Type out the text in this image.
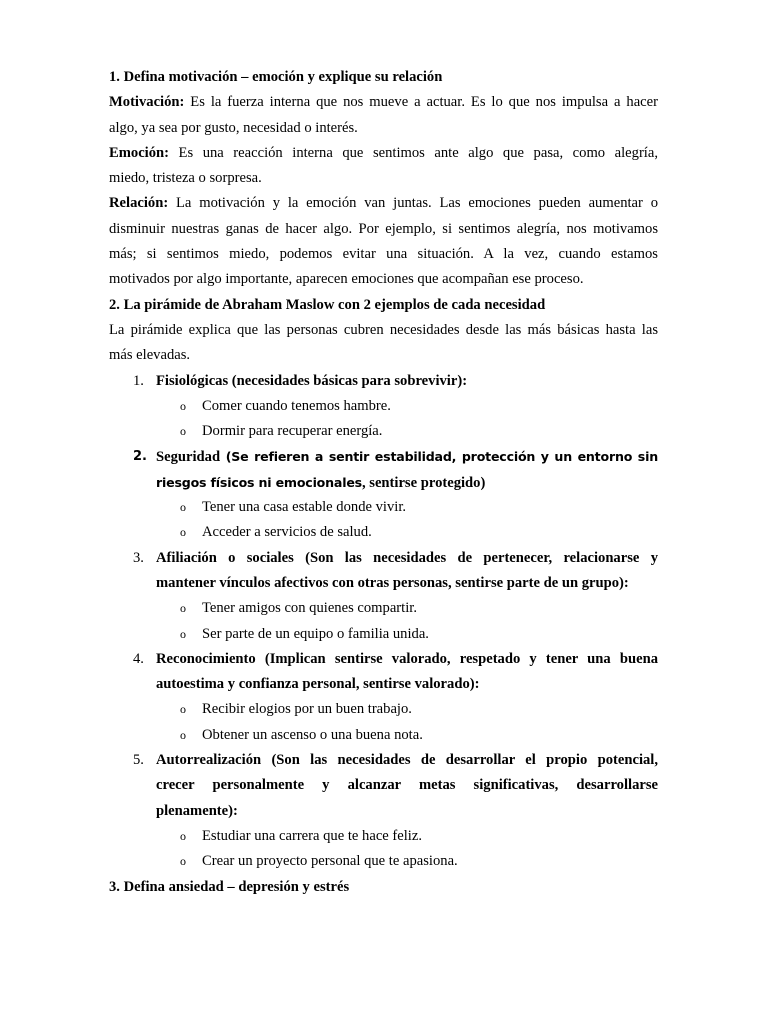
1. Defina motivación – emoción y explique su relación
Motivación: Es la fuerza interna que nos mueve a actuar. Es lo que nos impulsa a hacer
algo, ya sea por gusto, necesidad o interés.
Emoción: Es una reacción interna que sentimos ante algo que pasa, como alegría,
miedo, tristeza o sorpresa.
Relación: La motivación y la emoción van juntas. Las emociones pueden aumentar o
disminuir nuestras ganas de hacer algo. Por ejemplo, si sentimos alegría, nos motivamos
más; si sentimos miedo, podemos evitar una situación. A la vez, cuando estamos
motivados por algo importante, aparecen emociones que acompañan ese proceso.
2. La pirámide de Abraham Maslow con 2 ejemplos de cada necesidad
La pirámide explica que las personas cubren necesidades desde las más básicas hasta las
más elevadas.
1. Fisiológicas (necesidades básicas para sobrevivir):
o Comer cuando tenemos hambre.
o Dormir para recuperar energía.
2. Seguridad (Se refieren a sentir estabilidad, protección y un entorno sin
riesgos físicos ni emocionales, sentirse protegido)
o Tener una casa estable donde vivir.
o Acceder a servicios de salud.
3. Afiliación o sociales (Son las necesidades de pertenecer, relacionarse y
mantener vínculos afectivos con otras personas, sentirse parte de un grupo):
o Tener amigos con quienes compartir.
o Ser parte de un equipo o familia unida.
4. Reconocimiento (Implican sentirse valorado, respetado y tener una buena
autoestima y confianza personal, sentirse valorado):
o Recibir elogios por un buen trabajo.
o Obtener un ascenso o una buena nota.
5. Autorrealización (Son las necesidades de desarrollar el propio potencial,
crecer personalmente y alcanzar metas significativas, desarrollarse
plenamente):
o Estudiar una carrera que te hace feliz.
o Crear un proyecto personal que te apasiona.
3. Defina ansiedad – depresión y estrés
